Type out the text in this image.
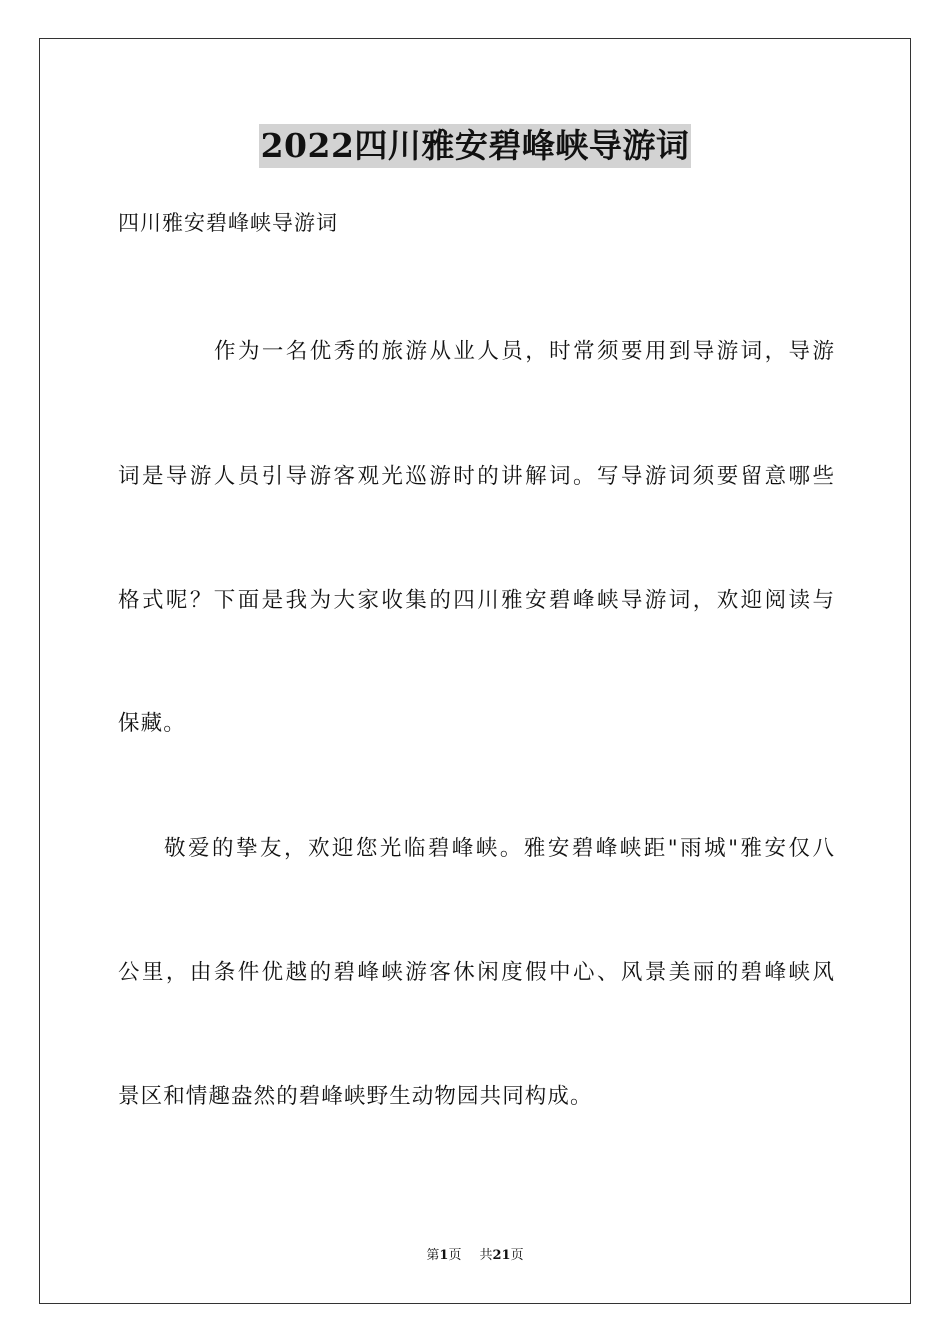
2022四川雅安碧峰峡导游词

四川雅安碧峰峡导游词

作为一名优秀的旅游从业人员，时常须要用到导游词，导游

词是导游人员引导游客观光巡游时的讲解词。写导游词须要留意哪些

格式呢？下面是我为大家收集的四川雅安碧峰峡导游词，欢迎阅读与

保藏。

敬爱的挚友，欢迎您光临碧峰峡。雅安碧峰峡距"雨城"雅安仅八

公里，由条件优越的碧峰峡游客休闲度假中心、风景美丽的碧峰峡风

景区和情趣盎然的碧峰峡野生动物园共同构成。

第1页 共21页
